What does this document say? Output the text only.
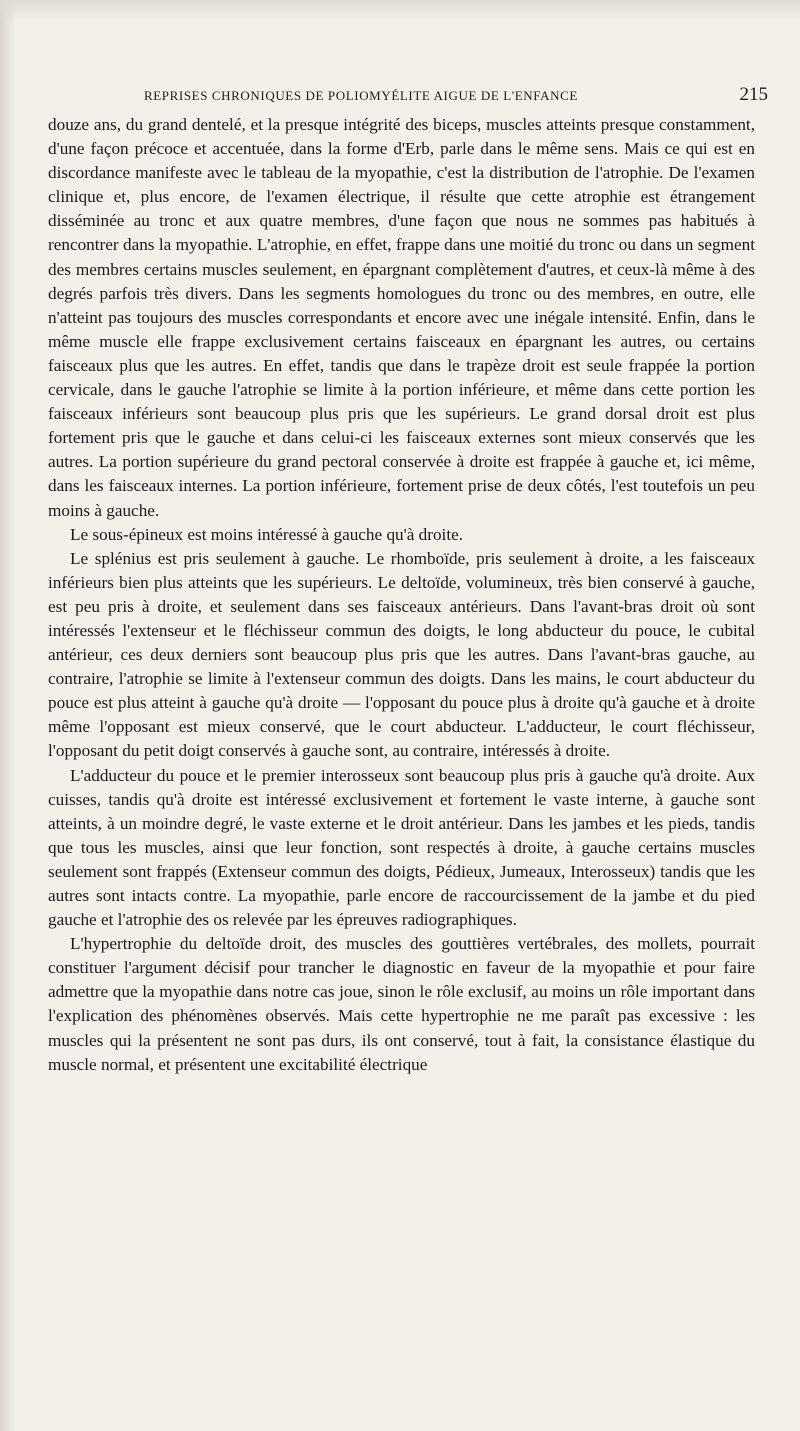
REPRISES CHRONIQUES DE POLIOMYÉLITE AIGUE DE L'ENFANCE	215

douze ans, du grand dentelé, et la presque intégrité des biceps, muscles atteints presque constamment, d'une façon précoce et accentuée, dans la forme d'Erb, parle dans le même sens. Mais ce qui est en discordance manifeste avec le tableau de la myopathie, c'est la distribution de l'atrophie. De l'examen clinique et, plus encore, de l'examen électrique, il résulte que cette atrophie est étrangement disséminée au tronc et aux quatre membres, d'une façon que nous ne sommes pas habitués à rencontrer dans la myopathie. L'atrophie, en effet, frappe dans une moitié du tronc ou dans un segment des membres certains muscles seulement, en épargnant complètement d'autres, et ceux-là même à des degrés parfois très divers. Dans les segments homologues du tronc ou des membres, en outre, elle n'atteint pas toujours des muscles correspondants et encore avec une inégale intensité. Enfin, dans le même muscle elle frappe exclusivement certains faisceaux en épargnant les autres, ou certains faisceaux plus que les autres. En effet, tandis que dans le trapèze droit est seule frappée la portion cervicale, dans le gauche l'atrophie se limite à la portion inférieure, et même dans cette portion les faisceaux inférieurs sont beaucoup plus pris que les supérieurs. Le grand dorsal droit est plus fortement pris que le gauche et dans celui-ci les faisceaux externes sont mieux conservés que les autres. La portion supérieure du grand pectoral conservée à droite est frappée à gauche et, ici même, dans les faisceaux internes. La portion inférieure, fortement prise de deux côtés, l'est toutefois un peu moins à gauche.

Le sous-épineux est moins intéressé à gauche qu'à droite.

Le splénius est pris seulement à gauche. Le rhomboïde, pris seulement à droite, a les faisceaux inférieurs bien plus atteints que les supérieurs. Le deltoïde, volumineux, très bien conservé à gauche, est peu pris à droite, et seulement dans ses faisceaux antérieurs. Dans l'avant-bras droit où sont intéressés l'extenseur et le fléchisseur commun des doigts, le long abducteur du pouce, le cubital antérieur, ces deux derniers sont beaucoup plus pris que les autres. Dans l'avant-bras gauche, au contraire, l'atrophie se limite à l'extenseur commun des doigts. Dans les mains, le court abducteur du pouce est plus atteint à gauche qu'à droite — l'opposant du pouce plus à droite qu'à gauche et à droite même l'opposant est mieux conservé, que le court abducteur. L'adducteur, le court fléchisseur, l'opposant du petit doigt conservés à gauche sont, au contraire, intéressés à droite.

L'adducteur du pouce et le premier interosseux sont beaucoup plus pris à gauche qu'à droite. Aux cuisses, tandis qu'à droite est intéressé exclusivement et fortement le vaste interne, à gauche sont atteints, à un moindre degré, le vaste externe et le droit antérieur. Dans les jambes et les pieds, tandis que tous les muscles, ainsi que leur fonction, sont respectés à droite, à gauche certains muscles seulement sont frappés (Extenseur commun des doigts, Pédieux, Jumeaux, Interosseux) tandis que les autres sont intacts contre. La myopathie, parle encore de raccourcissement de la jambe et du pied gauche et l'atrophie des os relevée par les épreuves radiographiques.

L'hypertrophie du deltoïde droit, des muscles des gouttières vertébrales, des mollets, pourrait constituer l'argument décisif pour trancher le diagnostic en faveur de la myopathie et pour faire admettre que la myopathie dans notre cas joue, sinon le rôle exclusif, au moins un rôle important dans l'explication des phénomènes observés. Mais cette hypertrophie ne me paraît pas excessive : les muscles qui la présentent ne sont pas durs, ils ont conservé, tout à fait, la consistance élastique du muscle normal, et présentent une excitabilité électrique
